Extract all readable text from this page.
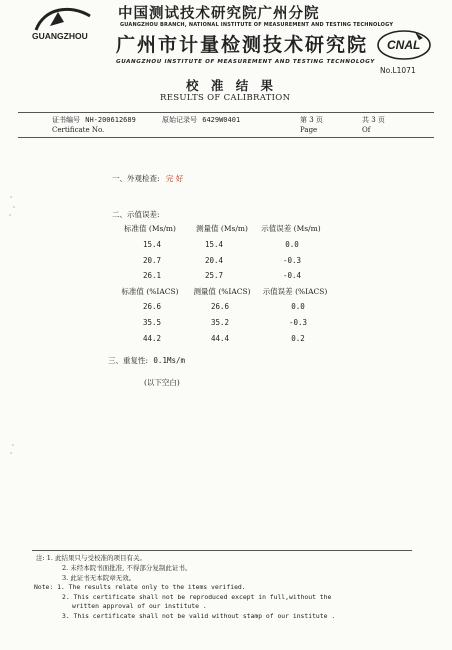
GUANGZHOU
中国测试技术研究院广州分院
GUANGZHOU BRANCH, NATIONAL INSTITUTE OF MEASUREMENT AND TESTING TECHNOLOGY
广州市计量检测技术研究院
GUANGZHOU INSTITUTE OF MEASUREMENT AND TESTING TECHNOLOGY
CNAL
No.L1071
校 准 结 果
RESULTS OF CALIBRATION
证书编号 NH-200612689
Certificate No.
原始记录号 6429W0401	第 3 页
Page
共 3 页
Of
一、外观检查: 完 好
二、示值误差:
标准值 (Ms/m)	测量值 (Ms/m)	示值误差 (Ms/m)
15.4	15.4	0.0
20.7	20.4	-0.3
26.1	25.7	-0.4
标准值 (%IACS)	测量值 (%IACS)	示值误差 (%IACS)
26.6	26.6	0.0
35.5	35.2	-0.3
44.2	44.4	0.2
三、重复性: 0.1Ms/m
(以下空白)
注: 1. 此结果只与受校准的项目有关。
2. 未经本院书面批准, 不得部分复制此证书。
3. 此证书无本院章无效。
Note: 1. The results relate only to the items verified.
2. This certificate shall not be reproduced except in full,without the
written approval of our institute .
3. This certificate shall not be valid without stamp of our institute .
